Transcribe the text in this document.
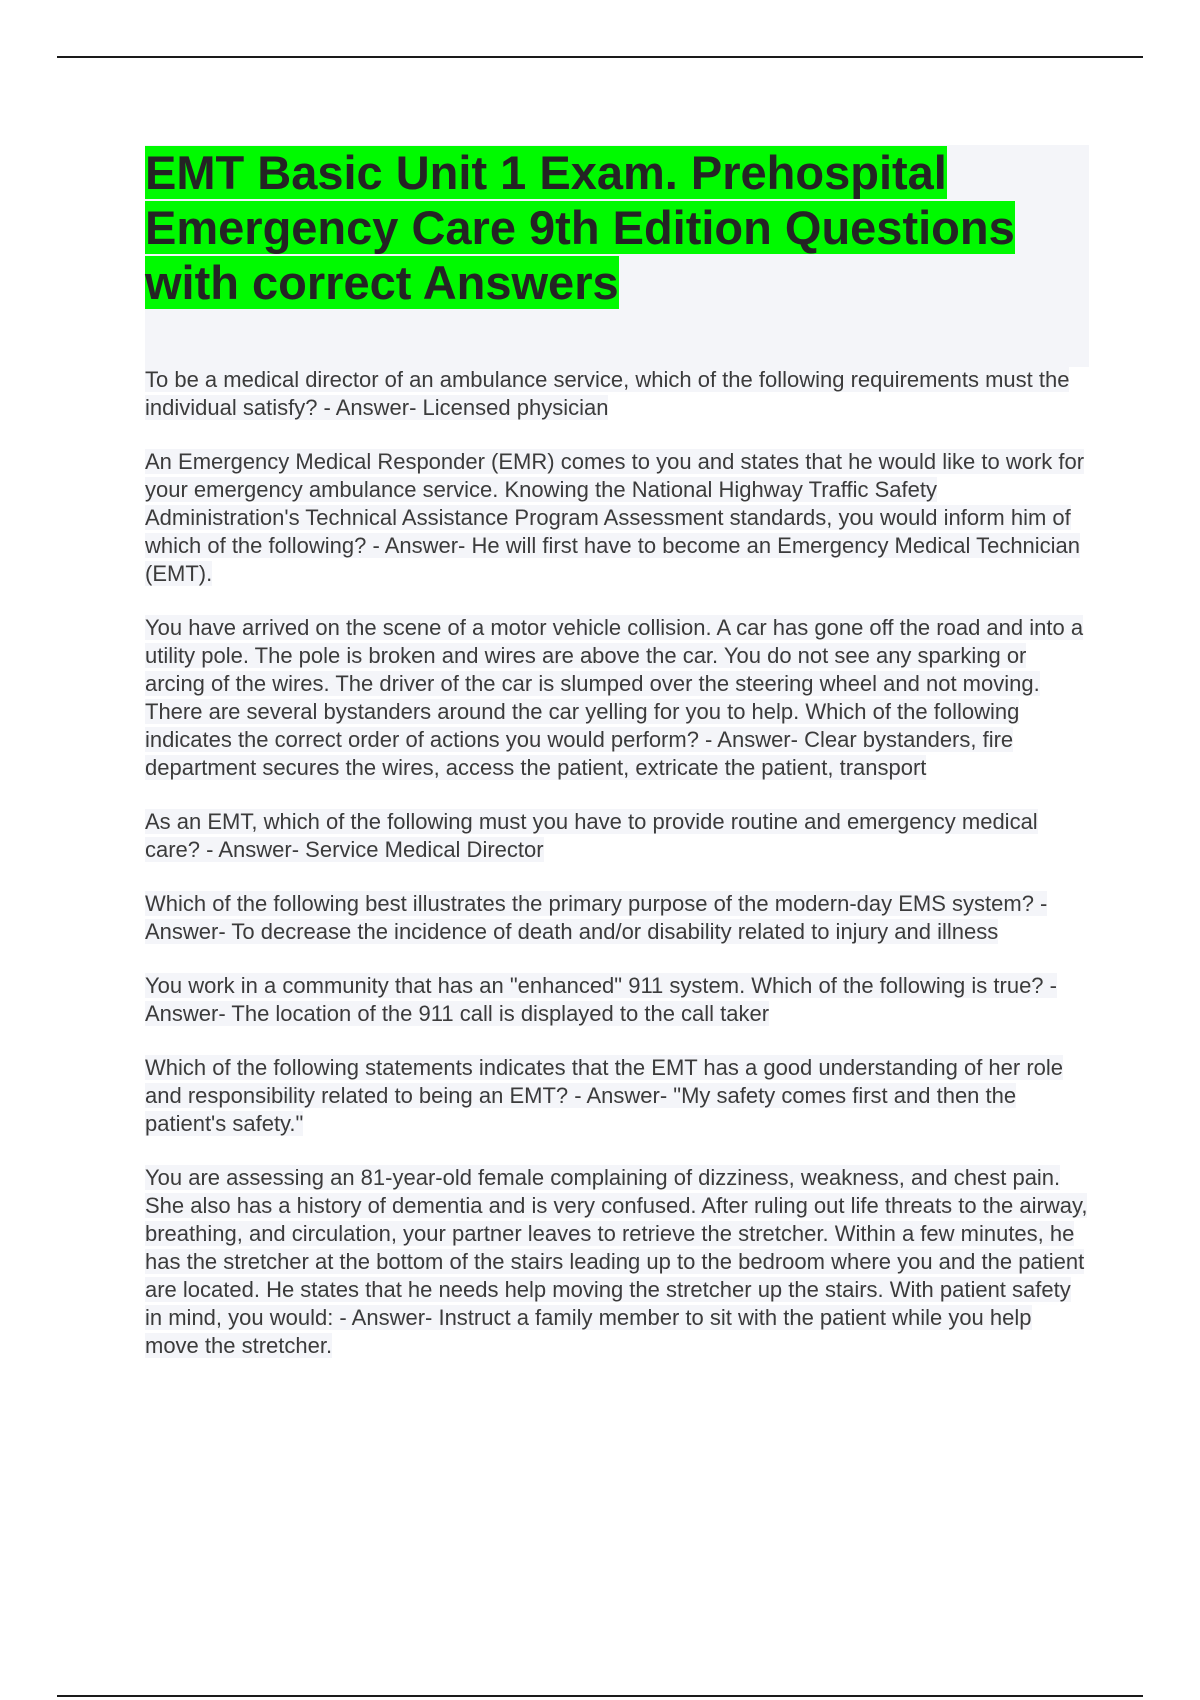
EMT Basic Unit 1 Exam. Prehospital Emergency Care 9th Edition Questions with correct Answers

To be a medical director of an ambulance service, which of the following requirements must the individual satisfy? - Answer- Licensed physician

An Emergency Medical Responder (EMR) comes to you and states that he would like to work for your emergency ambulance service. Knowing the National Highway Traffic Safety Administration's Technical Assistance Program Assessment standards, you would inform him of which of the following? - Answer- He will first have to become an Emergency Medical Technician (EMT).

You have arrived on the scene of a motor vehicle collision. A car has gone off the road and into a utility pole. The pole is broken and wires are above the car. You do not see any sparking or arcing of the wires. The driver of the car is slumped over the steering wheel and not moving. There are several bystanders around the car yelling for you to help. Which of the following indicates the correct order of actions you would perform? - Answer- Clear bystanders, fire department secures the wires, access the patient, extricate the patient, transport

As an EMT, which of the following must you have to provide routine and emergency medical care? - Answer- Service Medical Director

Which of the following best illustrates the primary purpose of the modern-day EMS system? - Answer- To decrease the incidence of death and/or disability related to injury and illness

You work in a community that has an "enhanced" 911 system. Which of the following is true? - Answer- The location of the 911 call is displayed to the call taker

Which of the following statements indicates that the EMT has a good understanding of her role and responsibility related to being an EMT? - Answer- "My safety comes first and then the patient's safety."

You are assessing an 81-year-old female complaining of dizziness, weakness, and chest pain. She also has a history of dementia and is very confused. After ruling out life threats to the airway, breathing, and circulation, your partner leaves to retrieve the stretcher. Within a few minutes, he has the stretcher at the bottom of the stairs leading up to the bedroom where you and the patient are located. He states that he needs help moving the stretcher up the stairs. With patient safety in mind, you would: - Answer- Instruct a family member to sit with the patient while you help move the stretcher.
